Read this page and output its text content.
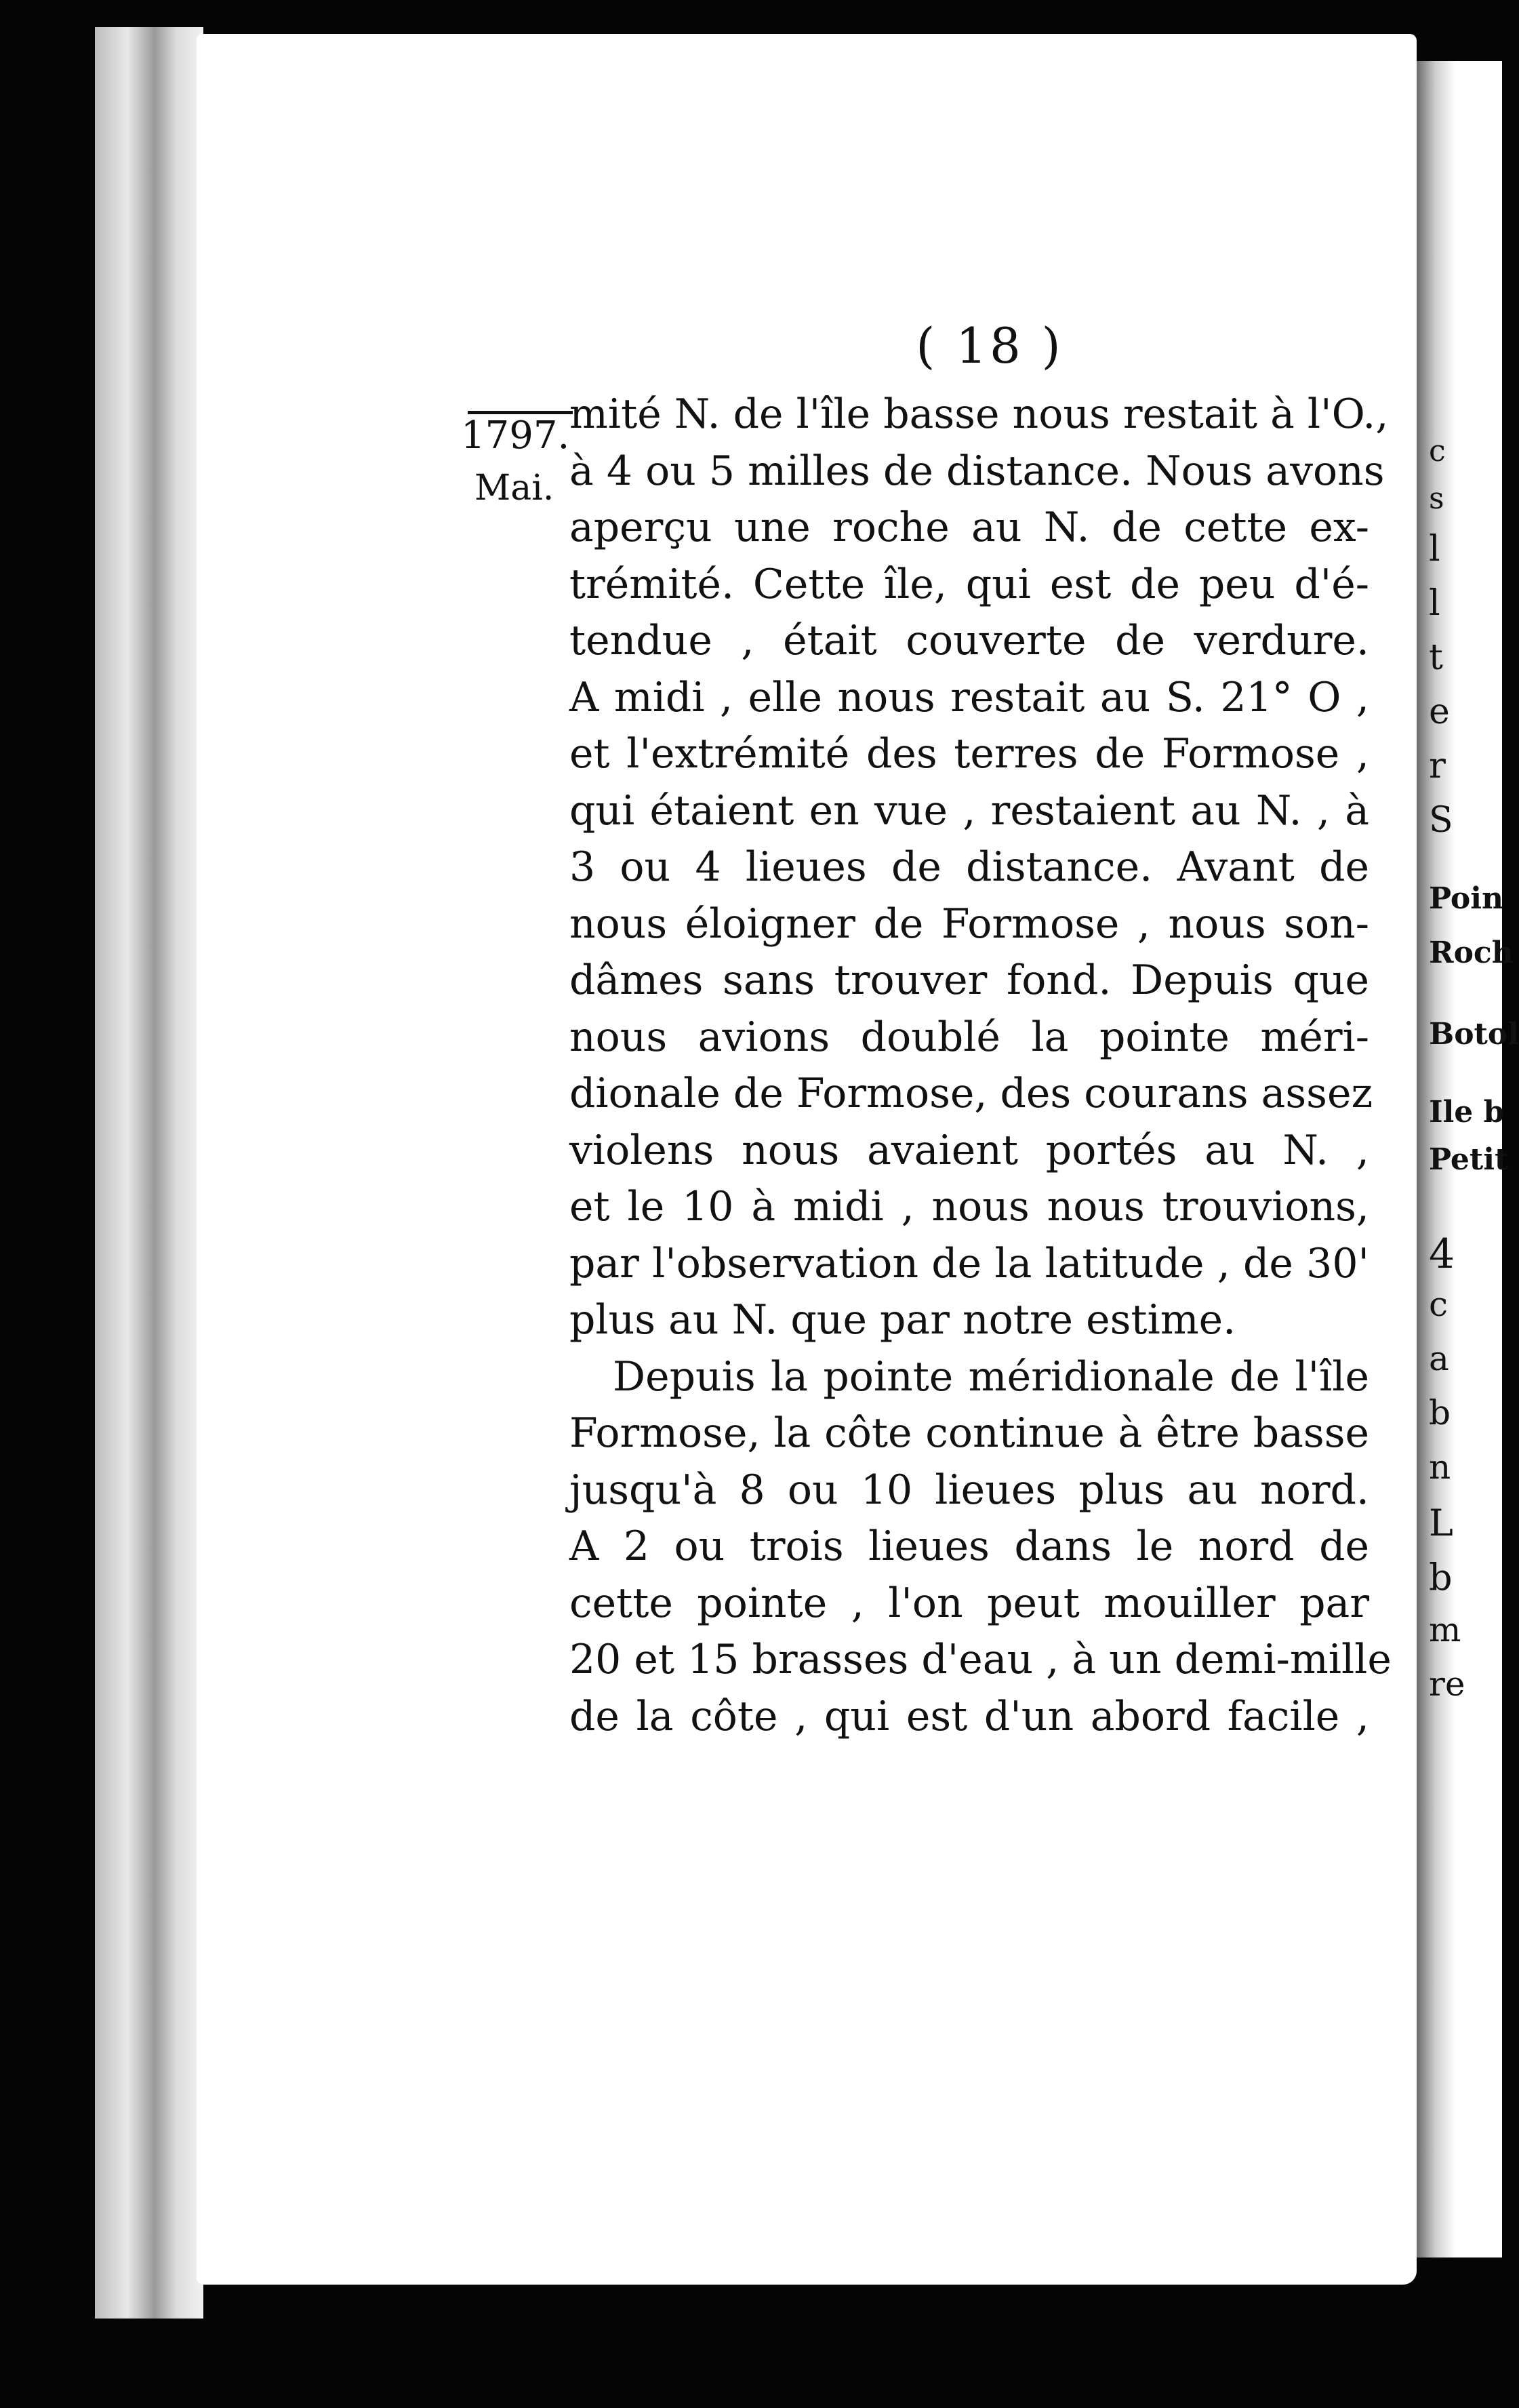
( 18 )
1797.
Mai.
mité N. de l'île basse nous restait à l'O.,
à 4 ou 5 milles de distance. Nous avons
aperçu une roche au N. de cette ex-
trémité. Cette île, qui est de peu d'é-
tendue , était couverte de verdure.
A midi , elle nous restait au S. 21° O ,
et l'extrémité des terres de Formose ,
qui étaient en vue , restaient au N. , à
3 ou 4 lieues de distance. Avant de
nous éloigner de Formose , nous son-
dâmes sans trouver fond. Depuis que
nous avions doublé la pointe méri-
dionale de Formose, des courans assez
violens nous avaient portés au N. ,
et le 10 à midi , nous nous trouvions,
par l'observation de la latitude , de 30'
plus au N. que par notre estime.
Depuis la pointe méridionale de l'île
Formose, la côte continue à être basse
jusqu'à 8 ou 10 lieues plus au nord.
A 2 ou trois lieues dans le nord de
cette pointe , l'on peut mouiller par
20 et 15 brasses d'eau , à un demi-mille
de la côte , qui est d'un abord facile ,
c
s
l
l
t
e
r
S
Poin
Roch
Botol
Ile b
Petit
4
c
a
b
n
L
b
m
re
